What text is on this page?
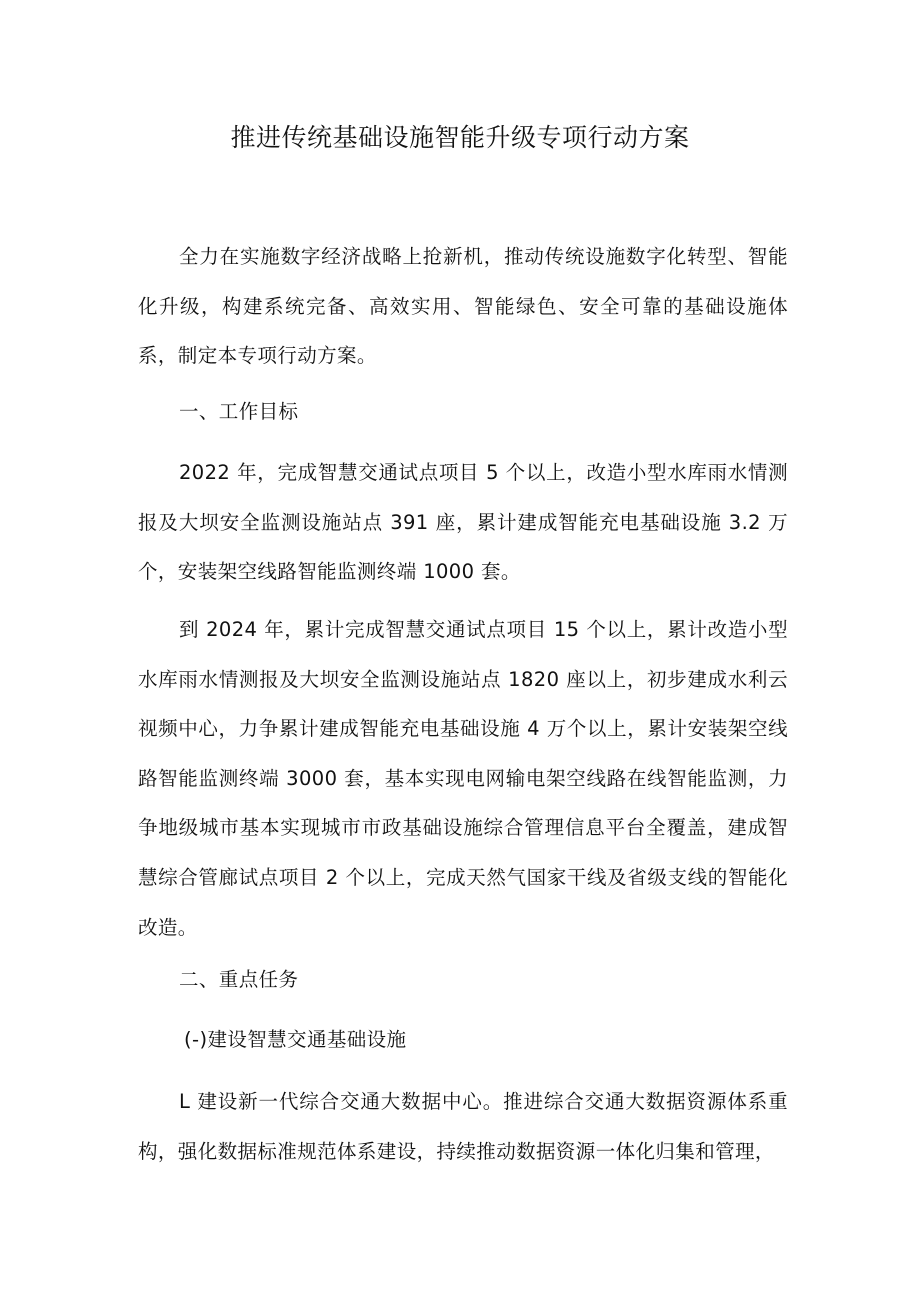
推进传统基础设施智能升级专项行动方案

全力在实施数字经济战略上抢新机，推动传统设施数字化转型、智能化升级，构建系统完备、高效实用、智能绿色、安全可靠的基础设施体系，制定本专项行动方案。

一、工作目标

2022 年，完成智慧交通试点项目 5 个以上，改造小型水库雨水情测报及大坝安全监测设施站点 391 座，累计建成智能充电基础设施 3.2 万个，安装架空线路智能监测终端 1000 套。

到 2024 年，累计完成智慧交通试点项目 15 个以上，累计改造小型水库雨水情测报及大坝安全监测设施站点 1820 座以上，初步建成水利云视频中心，力争累计建成智能充电基础设施 4 万个以上，累计安装架空线路智能监测终端 3000 套，基本实现电网输电架空线路在线智能监测，力争地级城市基本实现城市市政基础设施综合管理信息平台全覆盖，建成智慧综合管廊试点项目 2 个以上，完成天然气国家干线及省级支线的智能化改造。

二、重点任务

(-)建设智慧交通基础设施

L 建设新一代综合交通大数据中心。推进综合交通大数据资源体系重构，强化数据标准规范体系建设，持续推动数据资源一体化归集和管理，
